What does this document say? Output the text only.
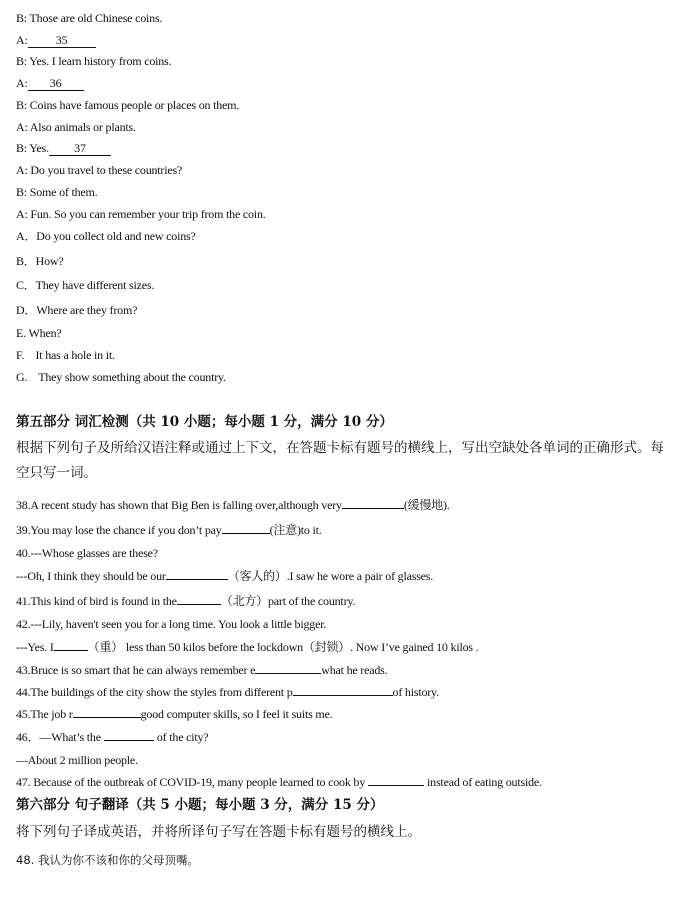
B: Those are old Chinese coins.
A: 35
B: Yes. I learn history from coins.
A: 36
B: Coins have famous people or places on them.
A: Also animals or plants.
B: Yes. 37
A: Do you travel to these countries?
B: Some of them.
A: Fun. So you can remember your trip from the coin.
A．Do you collect old and new coins?
B．How?
C．They have different sizes.
D．Where are they from?
E. When?
F.    It has a hole in it.
G.    They show something about the country.
第五部分 词汇检测（共 10 小题；每小题 1 分，满分 10 分）
根据下列句子及所给汉语注释或通过上下文，在答题卡标有题号的横线上，写出空缺处各单词的正确形式。每空只写一词。
38.A recent study has shown that Big Ben is falling over,although very	(缓慢地).
39.You may lose the chance if you don’t pay	(注意)to it.
40.---Whose glasses are these?
---Oh, I think they should be our	（客人的）.I saw he wore a pair of glasses.
41.This kind of bird is found in the	（北方）part of the country.
42.---Lily, haven't seen you for a long time. You look a little bigger.
---Yes. I	（重） less than 50 kilos before the lockdown（封锁）. Now I’ve gained 10 kilos .
43.Bruce is so smart that he can always remember e	what he reads.
44.The buildings of the city show the styles from different p	of history.
45.The job r	good computer skills, so I feel it suits me.
46．—What’s the	of the city?
—About 2 million people.
47. Because of the outbreak of COVID-19, many people learned to cook by	instead of eating outside.
第六部分 句子翻译（共 5 小题；每小题 3 分，满分 15 分）
将下列句子译成英语，并将所译句子写在答题卡标有题号的横线上。
48. 我认为你不该和你的父母顶嘴。
